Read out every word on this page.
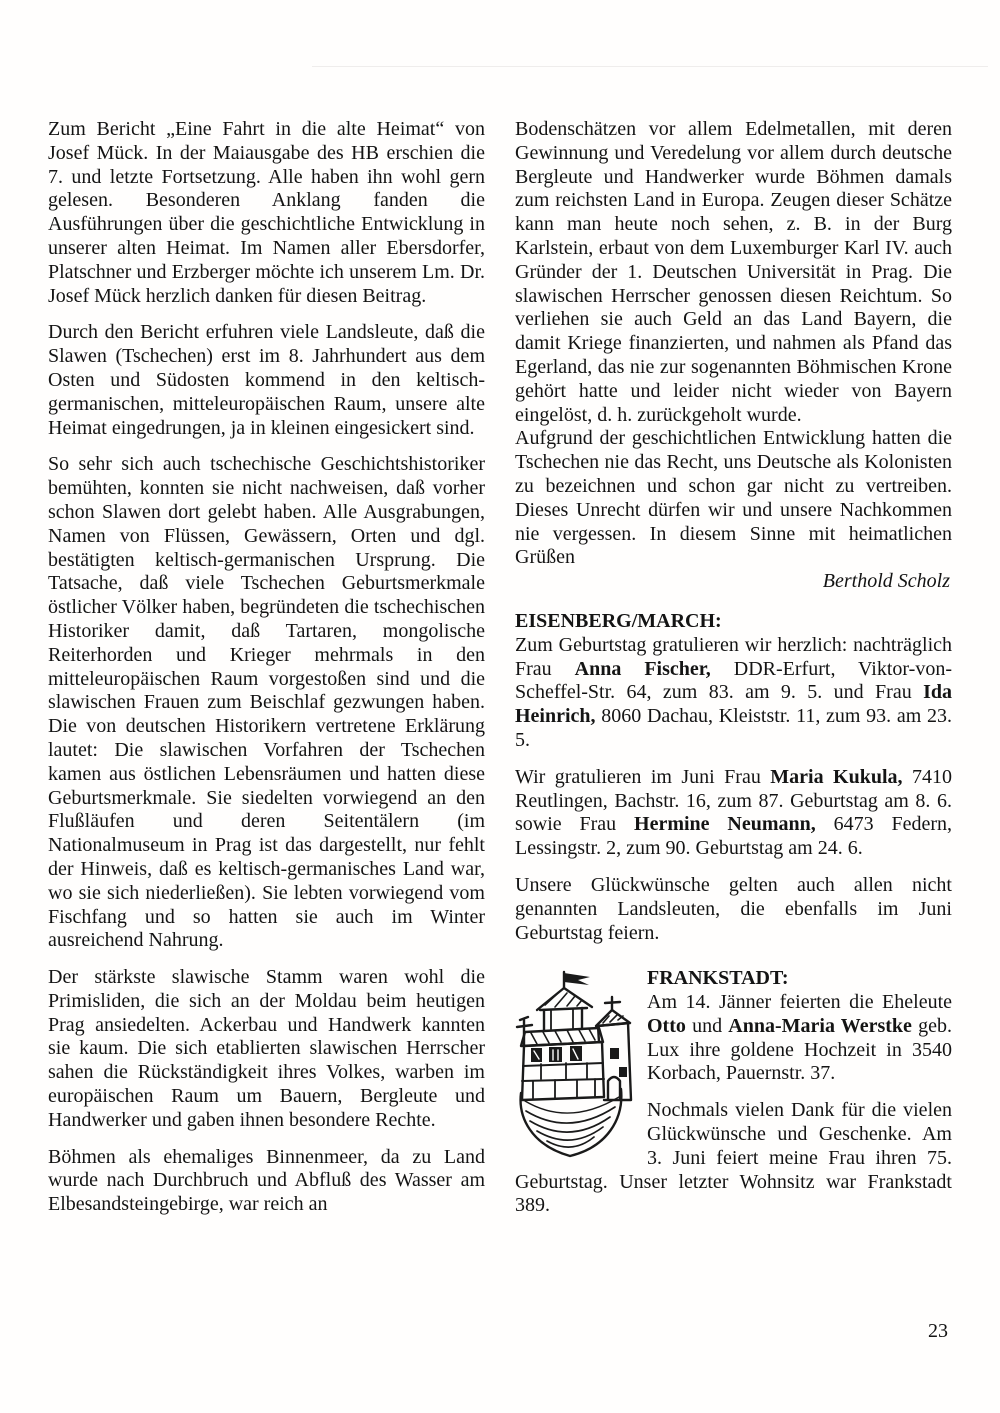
Zum Bericht „Eine Fahrt in die alte Heimat“ von Josef Mück. In der Maiausgabe des HB erschien die 7. und letzte Fortsetzung. Alle haben ihn wohl gern gelesen. Besonderen Anklang fanden die Ausführungen über die geschichtliche Entwicklung in unserer alten Heimat. Im Namen aller Ebersdorfer, Platschner und Erzberger möchte ich unserem Lm. Dr. Josef Mück herzlich danken für diesen Beitrag.

Durch den Bericht erfuhren viele Landsleute, daß die Slawen (Tschechen) erst im 8. Jahrhundert aus dem Osten und Südosten kommend in den keltisch-germanischen, mitteleuropäischen Raum, unsere alte Heimat eingedrungen, ja in kleinen eingesickert sind.

So sehr sich auch tschechische Geschichtshistoriker bemühten, konnten sie nicht nachweisen, daß vorher schon Slawen dort gelebt haben. Alle Ausgrabungen, Namen von Flüssen, Gewässern, Orten und dgl. bestätigten keltisch-germanischen Ursprung. Die Tatsache, daß viele Tschechen Geburtsmerkmale östlicher Völker haben, begründeten die tschechischen Historiker damit, daß Tartaren, mongolische Reiterhorden und Krieger mehrmals in den mitteleuropäischen Raum vorgestoßen sind und die slawischen Frauen zum Beischlaf gezwungen haben. Die von deutschen Historikern vertretene Erklärung lautet: Die slawischen Vorfahren der Tschechen kamen aus östlichen Lebensräumen und hatten diese Geburtsmerkmale. Sie siedelten vorwiegend an den Flußläufen und deren Seitentälern (im Nationalmuseum in Prag ist das dargestellt, nur fehlt der Hinweis, daß es keltisch-germanisches Land war, wo sie sich niederließen). Sie lebten vorwiegend vom Fischfang und so hatten sie auch im Winter ausreichend Nahrung.

Der stärkste slawische Stamm waren wohl die Primisliden, die sich an der Moldau beim heutigen Prag ansiedelten. Ackerbau und Handwerk kannten sie kaum. Die sich etablierten slawischen Herrscher sahen die Rückständigkeit ihres Volkes, warben im europäischen Raum um Bauern, Bergleute und Handwerker und gaben ihnen besondere Rechte.

Böhmen als ehemaliges Binnenmeer, da zu Land wurde nach Durchbruch und Abfluß des Wasser am Elbesandsteingebirge, war reich an

Bodenschätzen vor allem Edelmetallen, mit deren Gewinnung und Veredelung vor allem durch deutsche Bergleute und Handwerker wurde Böhmen damals zum reichsten Land in Europa. Zeugen dieser Schätze kann man heute noch sehen, z. B. in der Burg Karlstein, erbaut von dem Luxemburger Karl IV. auch Gründer der 1. Deutschen Universität in Prag. Die slawischen Herrscher genossen diesen Reichtum. So verliehen sie auch Geld an das Land Bayern, die damit Kriege finanzierten, und nahmen als Pfand das Egerland, das nie zur sogenannten Böhmischen Krone gehört hatte und leider nicht wieder von Bayern eingelöst, d. h. zurückgeholt wurde.

Aufgrund der geschichtlichen Entwicklung hatten die Tschechen nie das Recht, uns Deutsche als Kolonisten zu bezeichnen und schon gar nicht zu vertreiben. Dieses Unrecht dürfen wir und unsere Nachkommen nie vergessen. In diesem Sinne mit heimatlichen Grüßen

Berthold Scholz

EISENBERG/MARCH:

Zum Geburtstag gratulieren wir herzlich: nachträglich Frau Anna Fischer, DDR-Erfurt, Viktor-von-Scheffel-Str. 64, zum 83. am 9. 5. und Frau Ida Heinrich, 8060 Dachau, Kleiststr. 11, zum 93. am 23. 5.

Wir gratulieren im Juni Frau Maria Kukula, 7410 Reutlingen, Bachstr. 16, zum 87. Geburtstag am 8. 6. sowie Frau Hermine Neumann, 6473 Federn, Lessingstr. 2, zum 90. Geburtstag am 24. 6.

Unsere Glückwünsche gelten auch allen nicht genannten Landsleuten, die ebenfalls im Juni Geburtstag feiern.

FRANKSTADT:

Am 14. Jänner feierten die Eheleute Otto und Anna-Maria Werstke geb. Lux ihre goldene Hochzeit in 3540 Korbach, Pauernstr. 37.

Nochmals vielen Dank für die vielen Glückwünsche und Geschenke. Am 3. Juni feiert meine Frau ihren 75. Geburtstag. Unser letzter Wohnsitz war Frankstadt 389.

23
